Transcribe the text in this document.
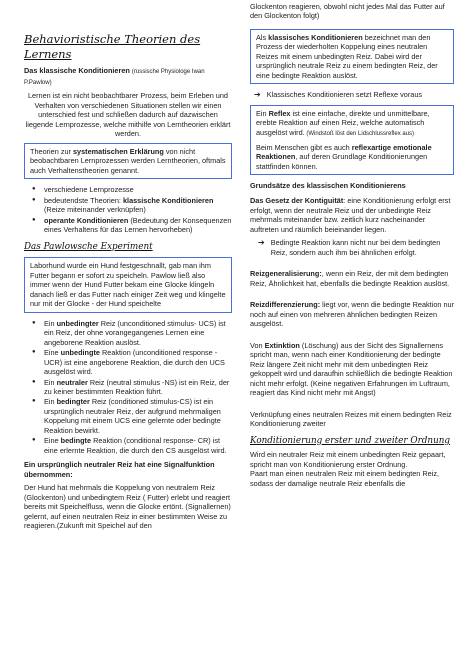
Behavioristische Theorien des Lernens

Das klassische Konditionieren (russische Physiologe Iwan P.Pawlow)

Lernen ist ein nicht beobachtbarer Prozess, beim Erleben und Verhalten von verschiedenen Situationen stellen wir einen unterschied fest und schließen dadurch auf dazwischen liegende Lernprozesse, welche mithilfe von Lerntheorien erklärt werden.

Theorien zur systematischen Erklärung von nicht beobachtbaren Lernprozessen werden Lerntheorien, oftmals auch Verhaltenstheorien genannt.
● verschiedene Lernprozesse
● bedeutendste Theorien: klassische Konditionieren (Reize miteinander verknüpfen)
● operante Konditionieren (Bedeutung der Konsequenzen eines Verhaltens für das Lernen hervorheben)
Das Pawlowsche Experiment
Laborhund wurde ein Hund festgeschnallt, gab man ihm Futter begann er sofort zu speicheln. Pawlow ließ also immer wenn der Hund Futter bekam eine Glocke klingeln danach ließ er das Futter nach einiger Zeit weg und klingelte nur mit der Glocke - der Hund speichelte
● Ein unbedingter Reiz (unconditioned stimulus- UCS) ist ein Reiz, der ohne vorangegangenes Lernen eine angeborene Reaktion auslöst.
● Eine unbedingte Reaktion (unconditioned response - UCR) ist eine angeborene Reaktion, die durch den UCS ausgelöst wird.
● Ein neutraler Reiz (neutral stimulus -NS) ist ein Reiz, der zu keiner bestimmten Reaktion führt.
● Ein bedingter Reiz (conditioned stimulus-CS) ist ein ursprünglich neutraler Reiz, der aufgrund mehrmaligen Koppelung mit einem UCS eine gelernte oder bedingte Reaktion bewirkt.
● Eine bedingte Reaktion (conditional response- CR) ist eine erlernte Reaktion, die durch den CS ausgelöst wird.

Ein ursprünglich neutraler Reiz hat eine Signalfunktion übernommen:

Der Hund hat mehrmals die Koppelung von neutralem Reiz (Glockenton) und unbedingtem Reiz ( Futter) erlebt und reagiert bereits mit Speichelfluss, wenn die Glocke ertönt. (Signallernen) gelernt, auf einen neutralen Reiz in einer bestimmten Weise zu reagieren.(Zukunft mit Speichel auf den

Glockenton reagieren, obwohl nicht jedes Mal das Futter auf den Glockenton folgt)

Als klassisches Konditionieren bezeichnet man den Prozess der wiederholten Koppelung eines neutralen Reizes mit einem unbedingten Reiz. Dabei wird der ursprünglich neutrale Reiz zu einem bedingten Reiz, der eine bedingte Reaktion auslöst.
➔ Klassisches Konditionieren setzt Reflexe voraus

Ein Reflex ist eine einfache, direkte und unmittelbare, erebte Reaktion auf einen Reiz, welche automatisch ausgelöst wird. (Windstoß löst den Lidschlussreflex aus)

Beim Menschen gibt es auch reflexartige emotionale Reaktionen, auf deren Grundlage Konditionierungen stattfinden können.

Grundsätze des klassischen Konditionierens

Das Gesetz der Kontiguität: eine Konditionierung erfolgt erst erfolgt, wenn der neutrale Reiz und der unbedingte Reiz mehrmals miteinander bzw. zeitlich kurz nacheinander auftreten und räumlich beieinander liegen.

➔ Bedingte Reaktion kann nicht nur bei dem bedingten Reiz, sondern auch ihm bei ähnlichen erfolgt.

Reizgeneralisierung:, wenn ein Reiz, der mit dem bedingten Reiz, Ähnlichkeit hat, ebenfalls die bedingte Reaktion auslöst.

Reizdifferenzierung: liegt vor, wenn die bedingte Reaktion nur noch auf einen von mehreren ähnlichen bedingten Reizen ausgelöst.

Von Extinktion (Löschung) aus der Sicht des Signallernens spricht man, wenn nach einer Konditionierung der bedingte Reiz längere Zeit nicht mehr mit dem unbedingten Reiz gekoppelt wird und daraufhin schließlich die bedingte Reaktion nicht mehr erfolgt. (Keine negativen Erfahrungen im Luftraum, reagiert das Kind nicht mehr mit Angst)

Verknüpfung eines neutralen Reizes mit einem bedingten Reiz Konditionierung zweiter

Konditionierung erster und zweiter Ordnung

Wird ein neutraler Reiz mit einem unbedingten Reiz gepaart, spricht man von Konditionierung erster Ordnung.

Paart man einen neutralen Reiz mit einem bedingten Reiz, sodass der damalige neutrale Reiz ebenfalls die
